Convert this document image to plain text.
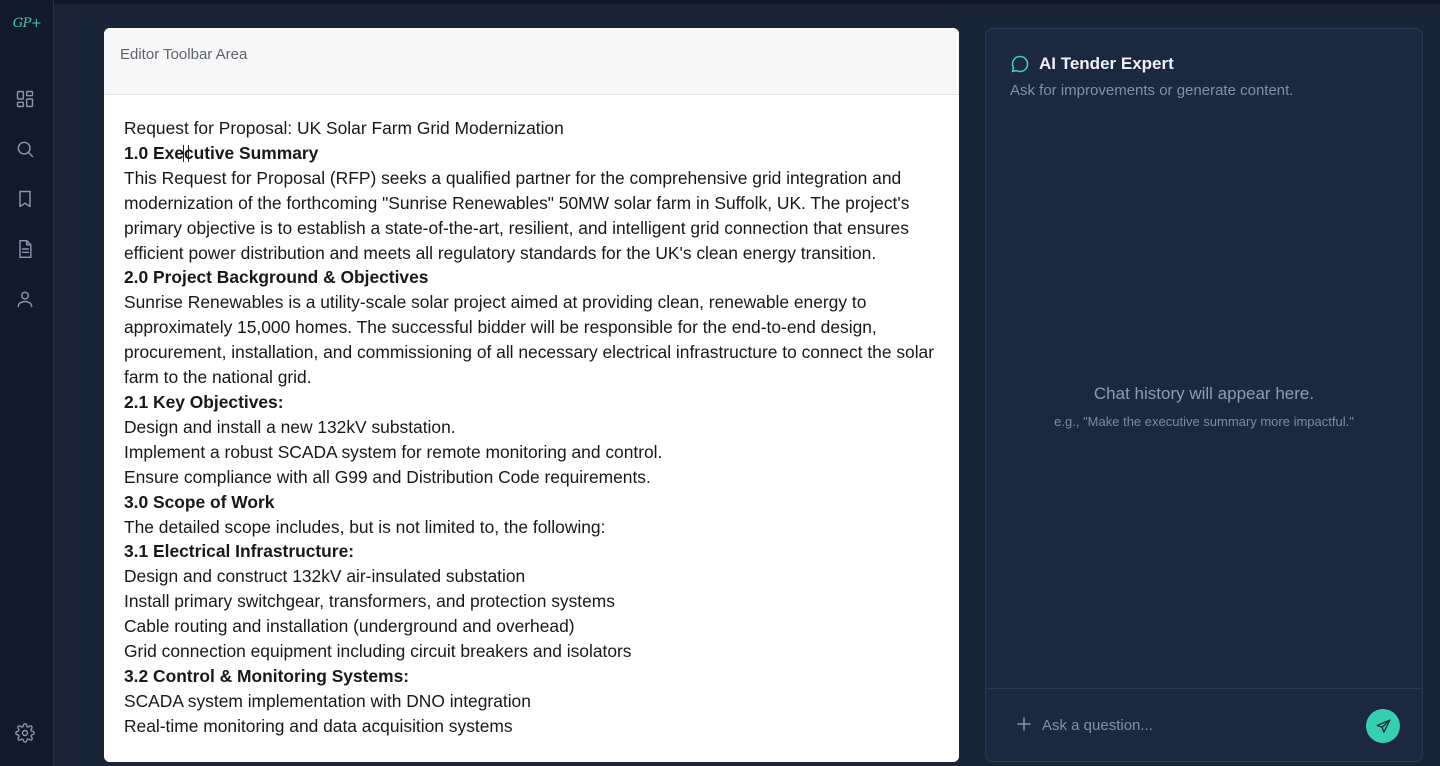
GP+
Editor Toolbar Area
Request for Proposal: UK Solar Farm Grid Modernization
1.0 Executive Summary
This Request for Proposal (RFP) seeks a qualified partner for the comprehensive grid integration and modernization of the forthcoming "Sunrise Renewables" 50MW solar farm in Suffolk, UK. The project's primary objective is to establish a state-of-the-art, resilient, and intelligent grid connection that ensures efficient power distribution and meets all regulatory standards for the UK's clean energy transition.
2.0 Project Background & Objectives
Sunrise Renewables is a utility-scale solar project aimed at providing clean, renewable energy to approximately 15,000 homes. The successful bidder will be responsible for the end-to-end design, procurement, installation, and commissioning of all necessary electrical infrastructure to connect the solar farm to the national grid.
2.1 Key Objectives:
Design and install a new 132kV substation.
Implement a robust SCADA system for remote monitoring and control.
Ensure compliance with all G99 and Distribution Code requirements.
3.0 Scope of Work
The detailed scope includes, but is not limited to, the following:
3.1 Electrical Infrastructure:
Design and construct 132kV air-insulated substation
Install primary switchgear, transformers, and protection systems
Cable routing and installation (underground and overhead)
Grid connection equipment including circuit breakers and isolators
3.2 Control & Monitoring Systems:
SCADA system implementation with DNO integration
Real-time monitoring and data acquisition systems
AI Tender Expert
Ask for improvements or generate content.
Chat history will appear here.
e.g., "Make the executive summary more impactful."
Ask a question...
